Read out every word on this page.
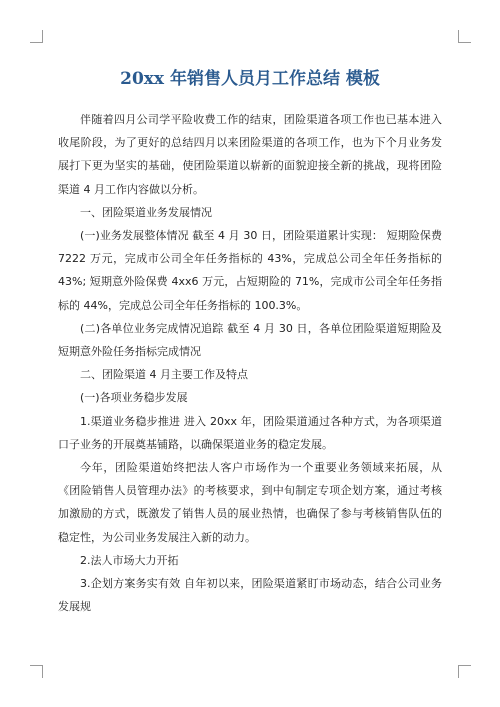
20xx 年销售人员月工作总结 模板

伴随着四月公司学平险收费工作的结束，团险渠道各项工作也已基本进入收尾阶段，为了更好的总结四月以来团险渠道的各项工作，也为下个月业务发展打下更为坚实的基础，使团险渠道以崭新的面貌迎接全新的挑战，现将团险渠道 4 月工作内容做以分析。

一、团险渠道业务发展情况

(一)业务发展整体情况 截至 4 月 30 日，团险渠道累计实现： 短期险保费 7222 万元，完成市公司全年任务指标的 43%，完成总公司全年任务指标的 43%; 短期意外险保费 4xx6 万元，占短期险的 71%，完成市公司全年任务指标的 44%，完成总公司全年任务指标的 100.3%。

(二)各单位业务完成情况追踪 截至 4 月 30 日，各单位团险渠道短期险及短期意外险任务指标完成情况

二、团险渠道 4 月主要工作及特点

(一)各项业务稳步发展

1.渠道业务稳步推进 进入 20xx 年，团险渠道通过各种方式，为各项渠道口子业务的开展奠基铺路，以确保渠道业务的稳定发展。

今年，团险渠道始终把法人客户市场作为一个重要业务领域来拓展，从《团险销售人员管理办法》的考核要求，到中旬制定专项企划方案，通过考核加激励的方式，既激发了销售人员的展业热情，也确保了参与考核销售队伍的稳定性，为公司业务发展注入新的动力。

2.法人市场大力开拓

3.企划方案务实有效 自年初以来，团险渠道紧盯市场动态，结合公司业务发展规
